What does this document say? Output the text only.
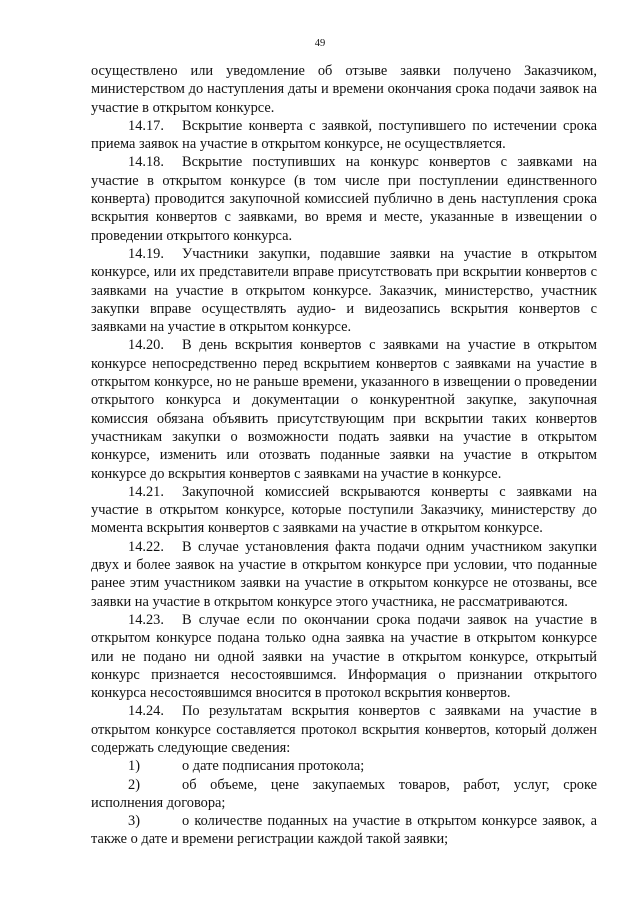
49

осуществлено или уведомление об отзыве заявки получено Заказчиком, министерством до наступления даты и времени окончания срока подачи заявок на участие в открытом конкурсе.

14.17. Вскрытие конверта с заявкой, поступившего по истечении срока приема заявок на участие в открытом конкурсе, не осуществляется.

14.18. Вскрытие поступивших на конкурс конвертов с заявками на участие в открытом конкурсе (в том числе при поступлении единственного конверта) проводится закупочной комиссией публично в день наступления срока вскрытия конвертов с заявками, во время и месте, указанные в извещении о проведении открытого конкурса.

14.19. Участники закупки, подавшие заявки на участие в открытом конкурсе, или их представители вправе присутствовать при вскрытии конвертов с заявками на участие в открытом конкурсе. Заказчик, министерство, участник закупки вправе осуществлять аудио- и видеозапись вскрытия конвертов с заявками на участие в открытом конкурсе.

14.20. В день вскрытия конвертов с заявками на участие в открытом конкурсе непосредственно перед вскрытием конвертов с заявками на участие в открытом конкурсе, но не раньше времени, указанного в извещении о проведении открытого конкурса и документации о конкурентной закупке, закупочная комиссия обязана объявить присутствующим при вскрытии таких конвертов участникам закупки о возможности подать заявки на участие в открытом конкурсе, изменить или отозвать поданные заявки на участие в открытом конкурсе до вскрытия конвертов с заявками на участие в конкурсе.

14.21. Закупочной комиссией вскрываются конверты с заявками на участие в открытом конкурсе, которые поступили Заказчику, министерству до момента вскрытия конвертов с заявками на участие в открытом конкурсе.

14.22. В случае установления факта подачи одним участником закупки двух и более заявок на участие в открытом конкурсе при условии, что поданные ранее этим участником заявки на участие в открытом конкурсе не отозваны, все заявки на участие в открытом конкурсе этого участника, не рассматриваются.

14.23. В случае если по окончании срока подачи заявок на участие в открытом конкурсе подана только одна заявка на участие в открытом конкурсе или не подано ни одной заявки на участие в открытом конкурсе, открытый конкурс признается несостоявшимся. Информация о признании открытого конкурса несостоявшимся вносится в протокол вскрытия конвертов.

14.24. По результатам вскрытия конвертов с заявками на участие в открытом конкурсе составляется протокол вскрытия конвертов, который должен содержать следующие сведения:

1)	о дате подписания протокола;

2)	об объеме, цене закупаемых товаров, работ, услуг, сроке исполнения договора;

3)	о количестве поданных на участие в открытом конкурсе заявок, а также о дате и времени регистрации каждой такой заявки;
